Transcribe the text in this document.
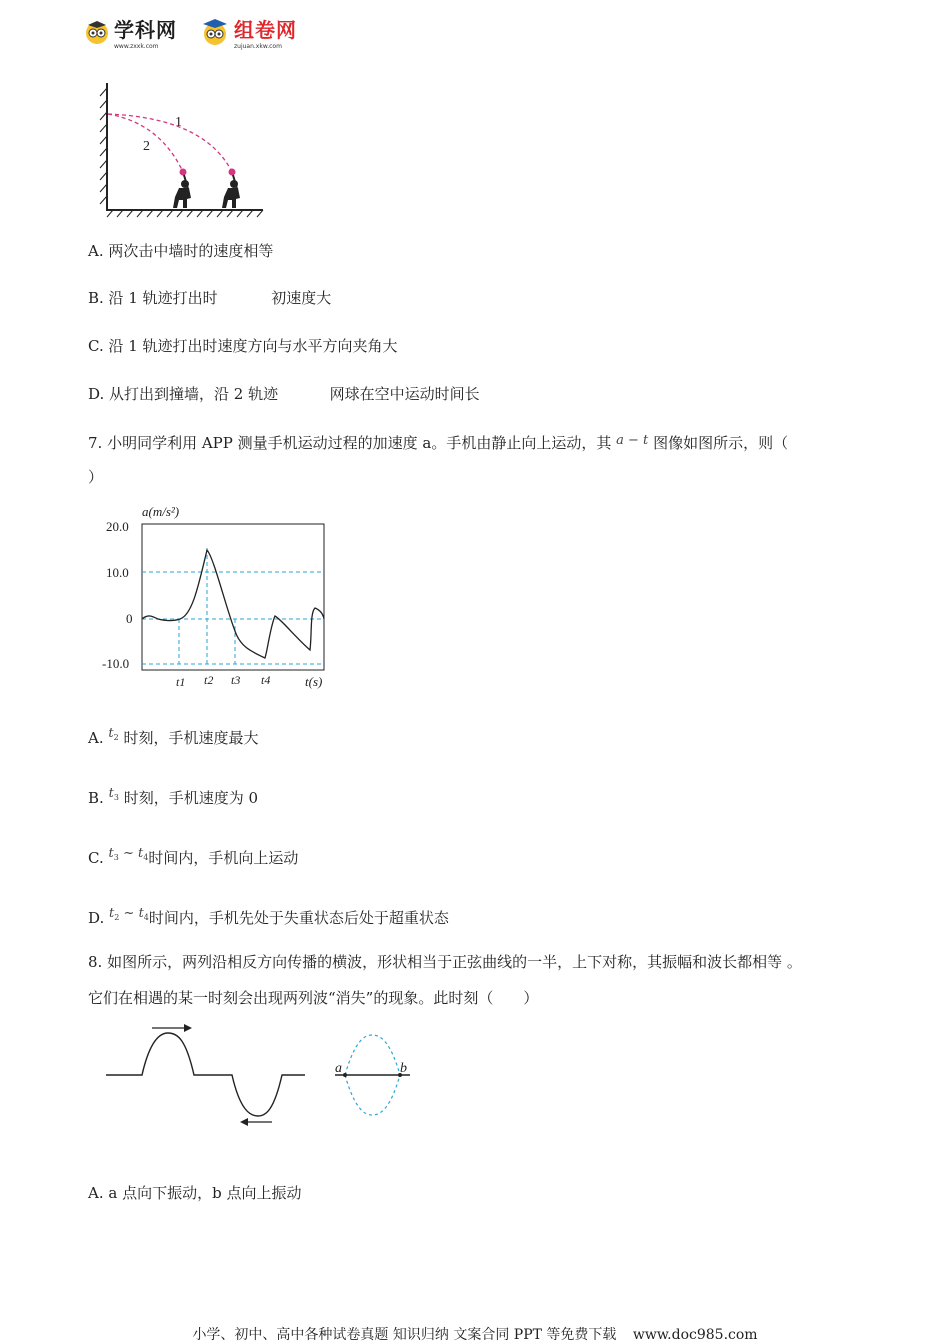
学科网
www.zxxk.com
组卷网
zujuan.xkw.com
1
2
A. 两次击中墙时的速度相等
B. 沿 1 轨迹打出时	初速度大
C. 沿 1 轨迹打出时速度方向与水平方向夹角大
D. 从打出到撞墙，沿 2 轨迹	网球在空中运动时间长
7. 小明同学利用 APP 测量手机运动过程的加速度 a。手机由静止向上运动，其 a − t 图像如图所示，则（
）
a(m/s²)
20.0
10.0
0
-10.0
t1 t2 t3 t4	t(s)
A. $t_2$ 时刻，手机速度最大
B. $t_3$ 时刻，手机速度为 0
C. $t_3$ ~ $t_4$时间内，手机向上运动
D. $t_2$ ~ $t_4$时间内，手机先处于失重状态后处于超重状态
8. 如图所示，两列沿相反方向传播的横波，形状相当于正弦曲线的一半，上下对称，其振幅和波长都相等 。
它们在相遇的某一时刻会出现两列波“消失”的现象。此时刻（　　）
a	b
A. a 点向下振动，b 点向上振动
小学、初中、高中各种试卷真题 知识归纳 文案合同 PPT 等免费下载 www.doc985.com
